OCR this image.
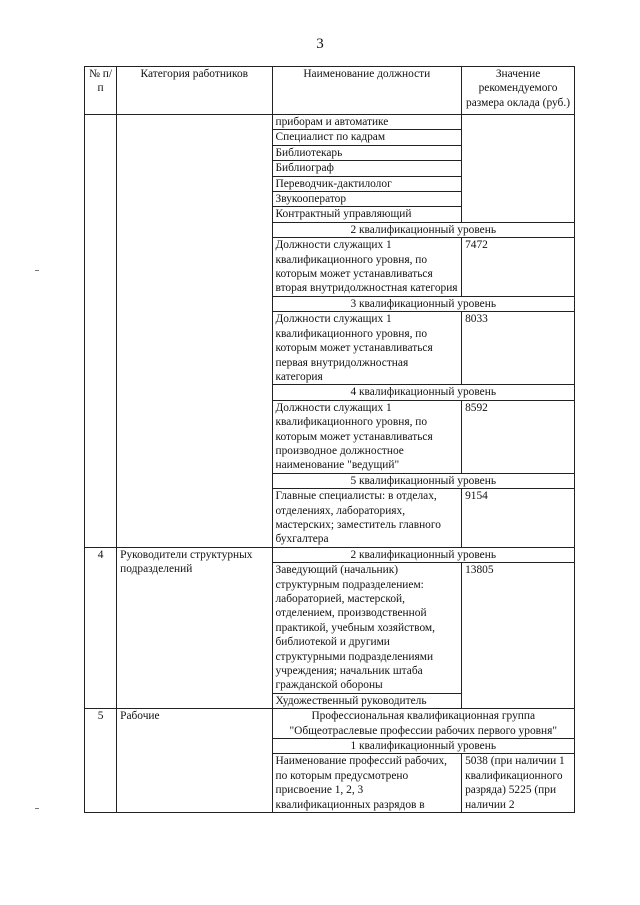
3
№ п/п	Категория работников	Наименование должности	Значение рекомендуемого размера оклада (руб.)
		приборам и автоматике	
		Специалист по кадрам	
		Библиотекарь	
		Библиограф	
		Переводчик-дактилолог	
		Звукооператор	
		Контрактный управляющий	
		2 квалификационный уровень	
		Должности служащих 1 квалификационного уровня, по которым может устанавливаться вторая внутридолжностная категория	7472
		3 квалификационный уровень	
		Должности служащих 1 квалификационного уровня, по которым может устанавливаться первая внутридолжностная категория	8033
		4 квалификационный уровень	
		Должности служащих 1 квалификационного уровня, по которым может устанавливаться производное должностное наименование "ведущий"	8592
		5 квалификационный уровень	
		Главные специалисты: в отделах, отделениях, лабораториях, мастерских; заместитель главного бухгалтера	9154
4	Руководители структурных подразделений	2 квалификационный уровень	
		Заведующий (начальник) структурным подразделением: лабораторией, мастерской, отделением, производственной практикой, учебным хозяйством, библиотекой и другими структурными подразделениями учреждения; начальник штаба гражданской обороны	13805
		Художественный руководитель	
5	Рабочие	Профессиональная квалификационная группа "Общеотраслевые профессии рабочих первого уровня"	
		1 квалификационный уровень	
		Наименование профессий рабочих, по которым предусмотрено присвоение 1, 2, 3 квалификационных разрядов в	5038 (при наличии 1 квалификационного разряда) 5225 (при наличии 2
